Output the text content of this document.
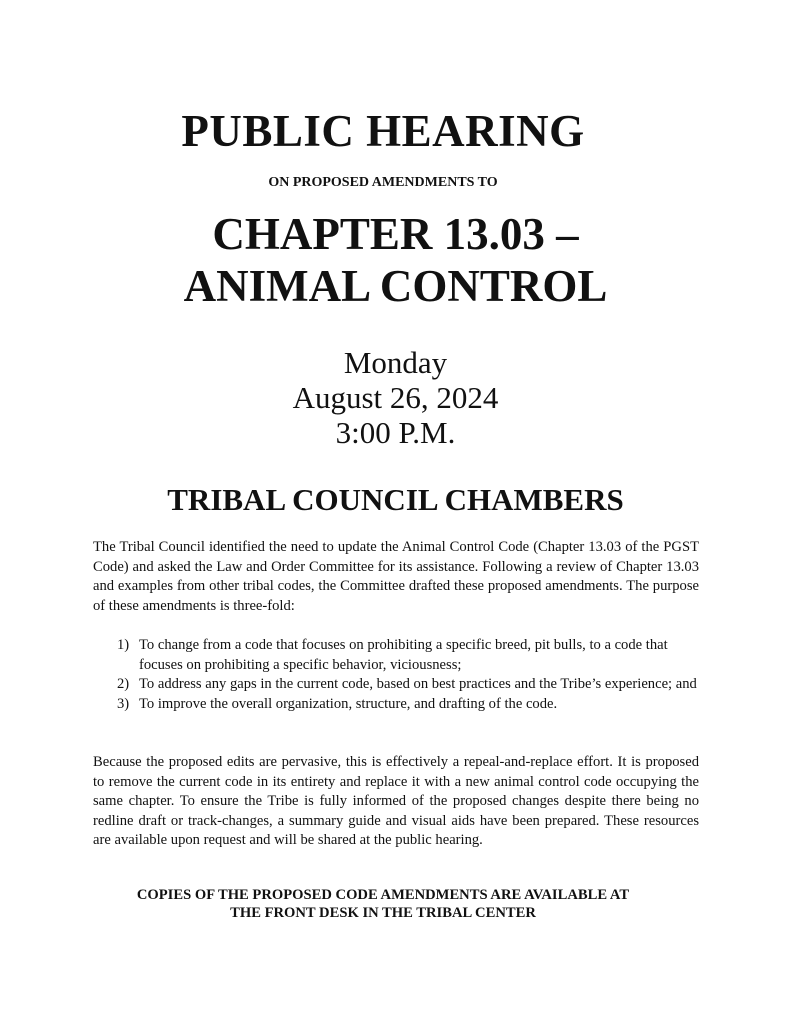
PUBLIC HEARING

ON PROPOSED AMENDMENTS TO

CHAPTER 13.03 –
ANIMAL CONTROL
Monday
August 26, 2024
3:00 P.M.
TRIBAL COUNCIL CHAMBERS

The Tribal Council identified the need to update the Animal Control Code (Chapter 13.03 of the PGST Code) and asked the Law and Order Committee for its assistance. Following a review of Chapter 13.03 and examples from other tribal codes, the Committee drafted these proposed amendments. The purpose of these amendments is three-fold:

1) To change from a code that focuses on prohibiting a specific breed, pit bulls, to a code that focuses on prohibiting a specific behavior, viciousness;
2) To address any gaps in the current code, based on best practices and the Tribe’s experience; and
3) To improve the overall organization, structure, and drafting of the code.

Because the proposed edits are pervasive, this is effectively a repeal-and-replace effort. It is proposed to remove the current code in its entirety and replace it with a new animal control code occupying the same chapter. To ensure the Tribe is fully informed of the proposed changes despite there being no redline draft or track-changes, a summary guide and visual aids have been prepared. These resources are available upon request and will be shared at the public hearing.

COPIES OF THE PROPOSED CODE AMENDMENTS ARE AVAILABLE AT
THE FRONT DESK IN THE TRIBAL CENTER
